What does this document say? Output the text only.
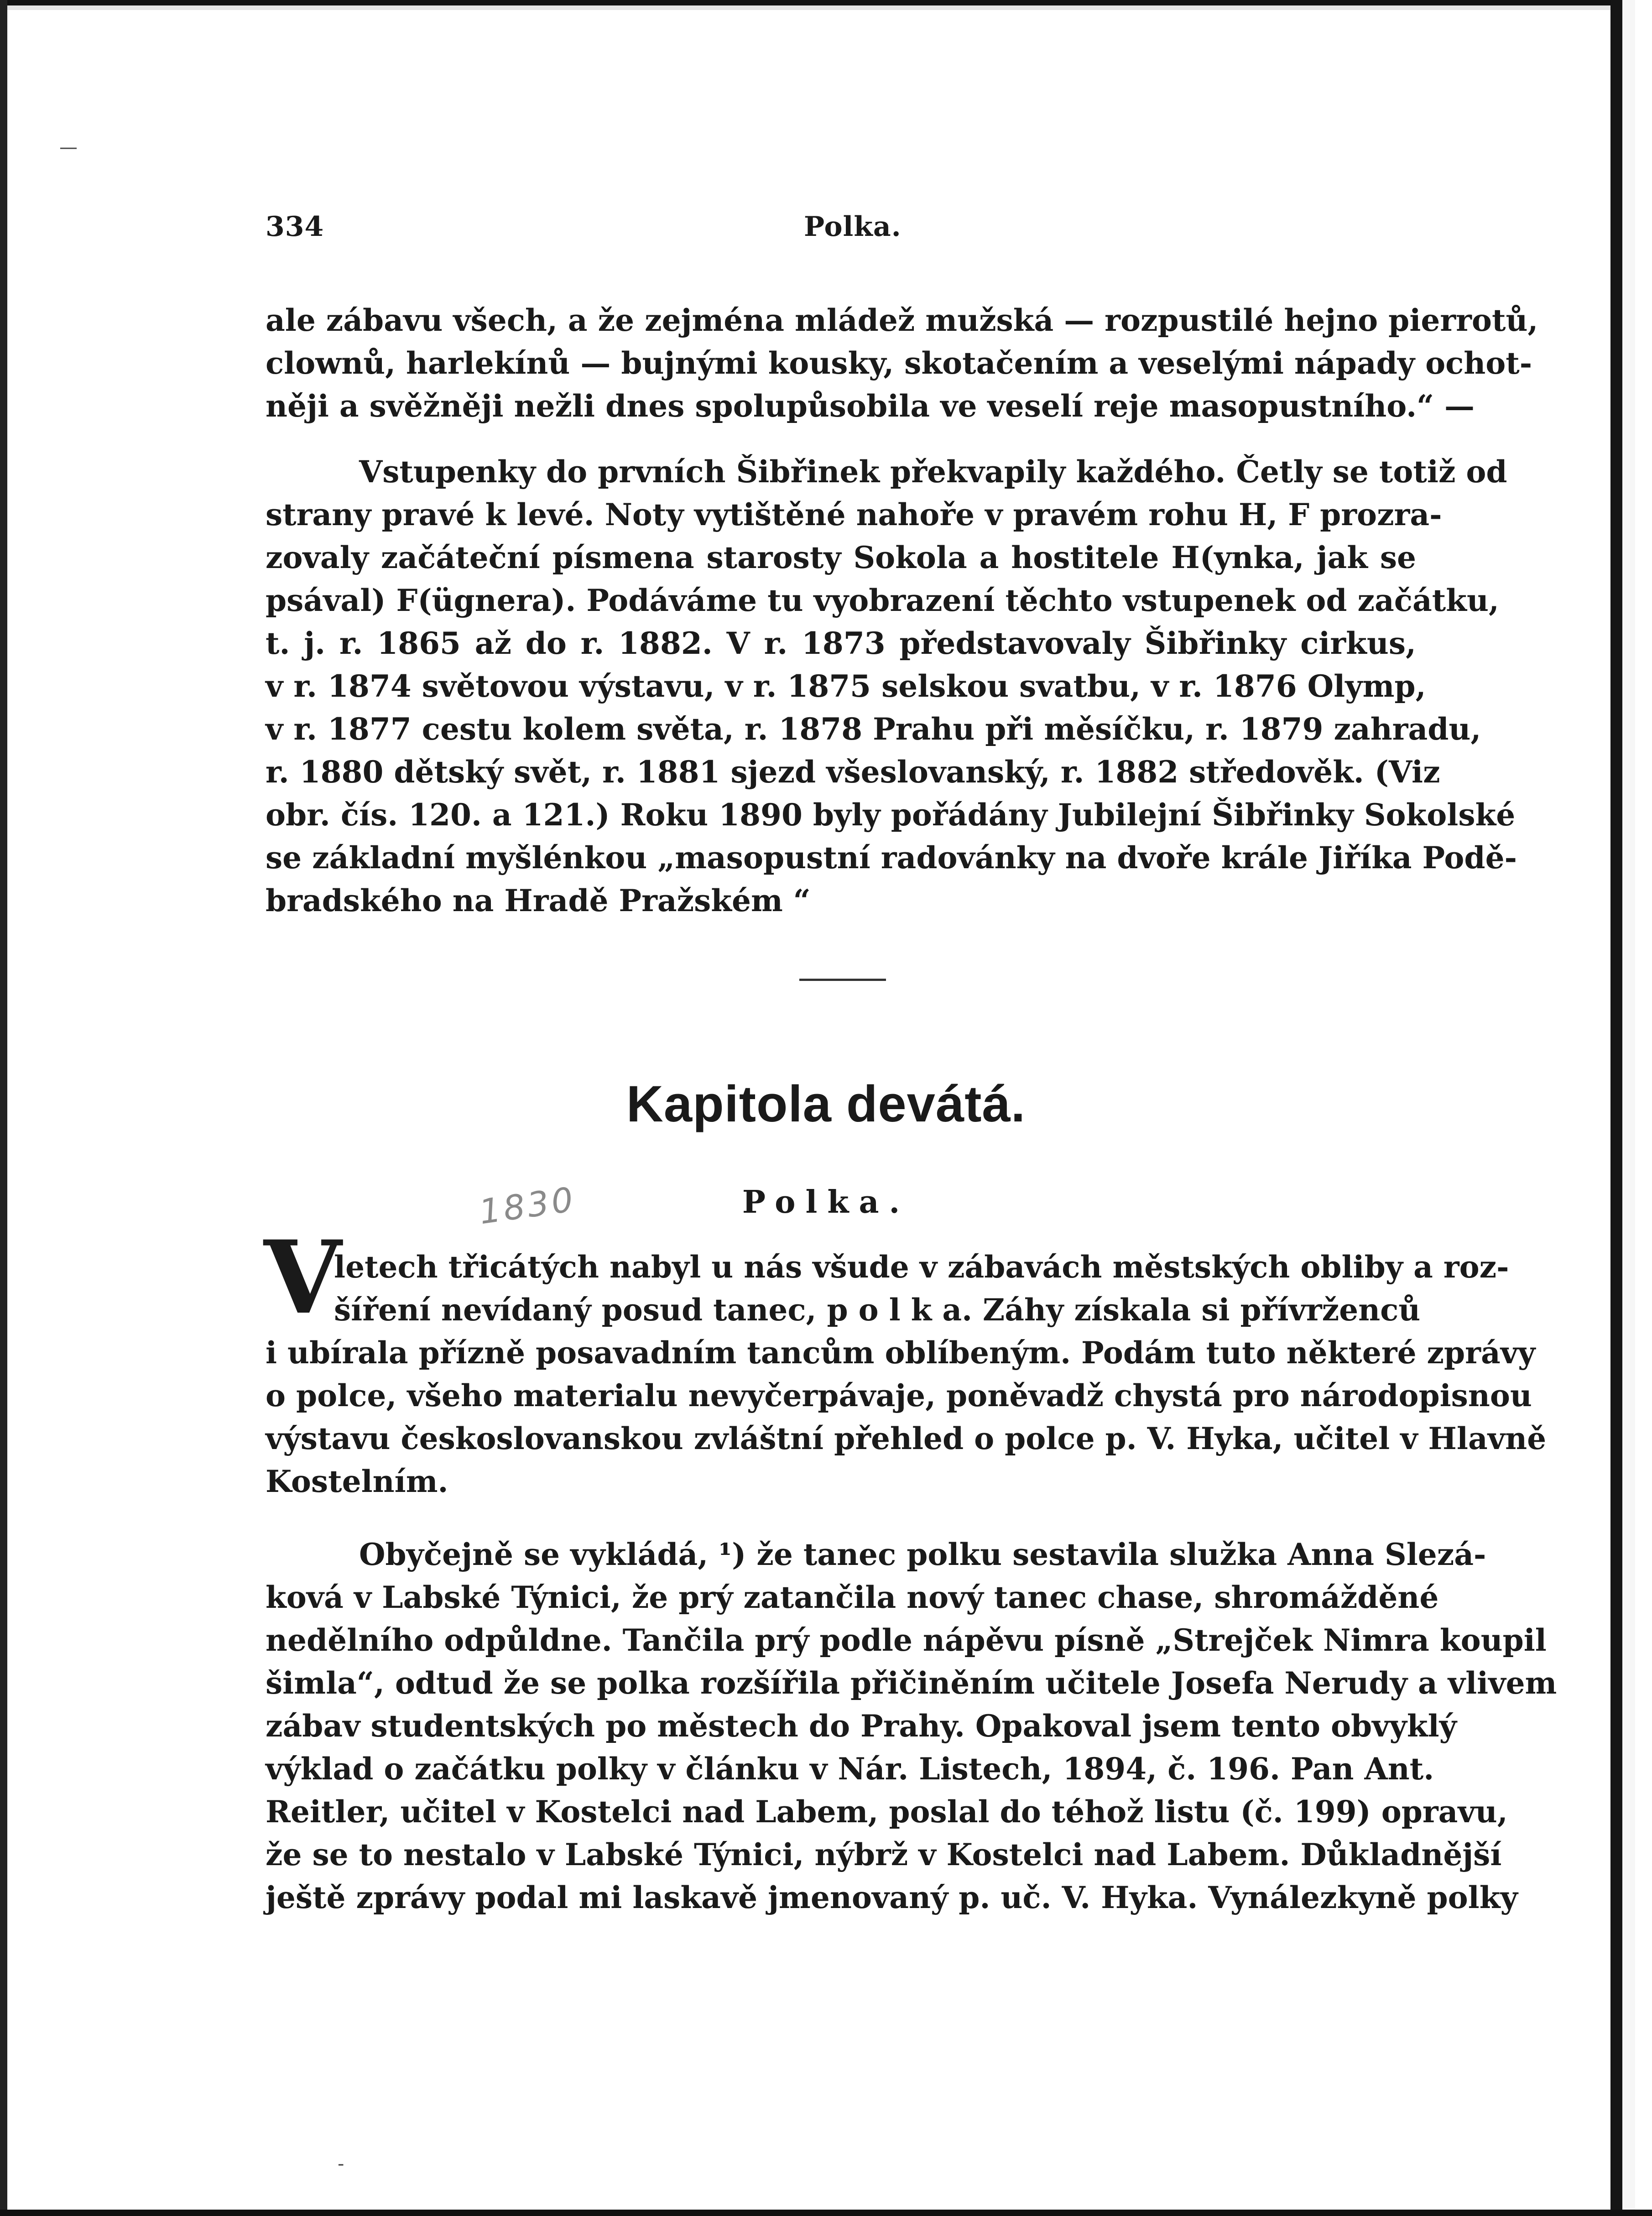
334	Polka.
ale zábavu všech, a že zejména mládež mužská — rozpustilé hejno pierrotů,
clownů, harlekínů — bujnými kousky, skotačením a veselými nápady ochot-
něji a svěžněji nežli dnes spolupůsobila ve veselí reje masopustního.“ —
Vstupenky do prvních Šibřinek překvapily každého. Četly se totiž od
strany pravé k levé. Noty vytištěné nahoře v pravém rohu H, F prozra-
zovaly začáteční písmena starosty Sokola a hostitele H(ynka, jak se
psával) F(ügnera). Podáváme tu vyobrazení těchto vstupenek od začátku,
t. j. r. 1865 až do r. 1882. V r. 1873 představovaly Šibřinky cirkus,
v r. 1874 světovou výstavu, v r. 1875 selskou svatbu, v r. 1876 Olymp,
v r. 1877 cestu kolem světa, r. 1878 Prahu při měsíčku, r. 1879 zahradu,
r. 1880 dětský svět, r. 1881 sjezd všeslovanský, r. 1882 středověk. (Viz
obr. čís. 120. a 121.) Roku 1890 byly pořádány Jubilejní Šibřinky Sokolské
se základní myšlénkou „masopustní radovánky na dvoře krále Jiříka Podě-
bradského na Hradě Pražském “
Kapitola devátá.
1830	Polka.
V
letech třicátých nabyl u nás všude v zábavách městských obliby a roz-
šíření nevídaný posud tanec, p o l k a. Záhy získala si přívrženců
i ubírala přízně posavadním tancům oblíbeným. Podám tuto některé zprávy
o polce, všeho materialu nevyčerpávaje, poněvadž chystá pro národopisnou
výstavu českoslovanskou zvláštní přehled o polce p. V. Hyka, učitel v Hlavně
Kostelním.
Obyčejně se vykládá, ¹) že tanec polku sestavila služka Anna Slezá-
ková v Labské Týnici, že prý zatančila nový tanec chase, shromážděné
nedělního odpůldne. Tančila prý podle nápěvu písně „Strejček Nimra koupil
šimla“, odtud že se polka rozšířila přičiněním učitele Josefa Nerudy a vlivem
zábav studentských po městech do Prahy. Opakoval jsem tento obvyklý
výklad o začátku polky v článku v Nár. Listech, 1894, č. 196. Pan Ant.
Reitler, učitel v Kostelci nad Labem, poslal do téhož listu (č. 199) opravu,
že se to nestalo v Labské Týnici, nýbrž v Kostelci nad Labem. Důkladnější
ještě zprávy podal mi laskavě jmenovaný p. uč. V. Hyka. Vynálezkyně polky
—
‑
